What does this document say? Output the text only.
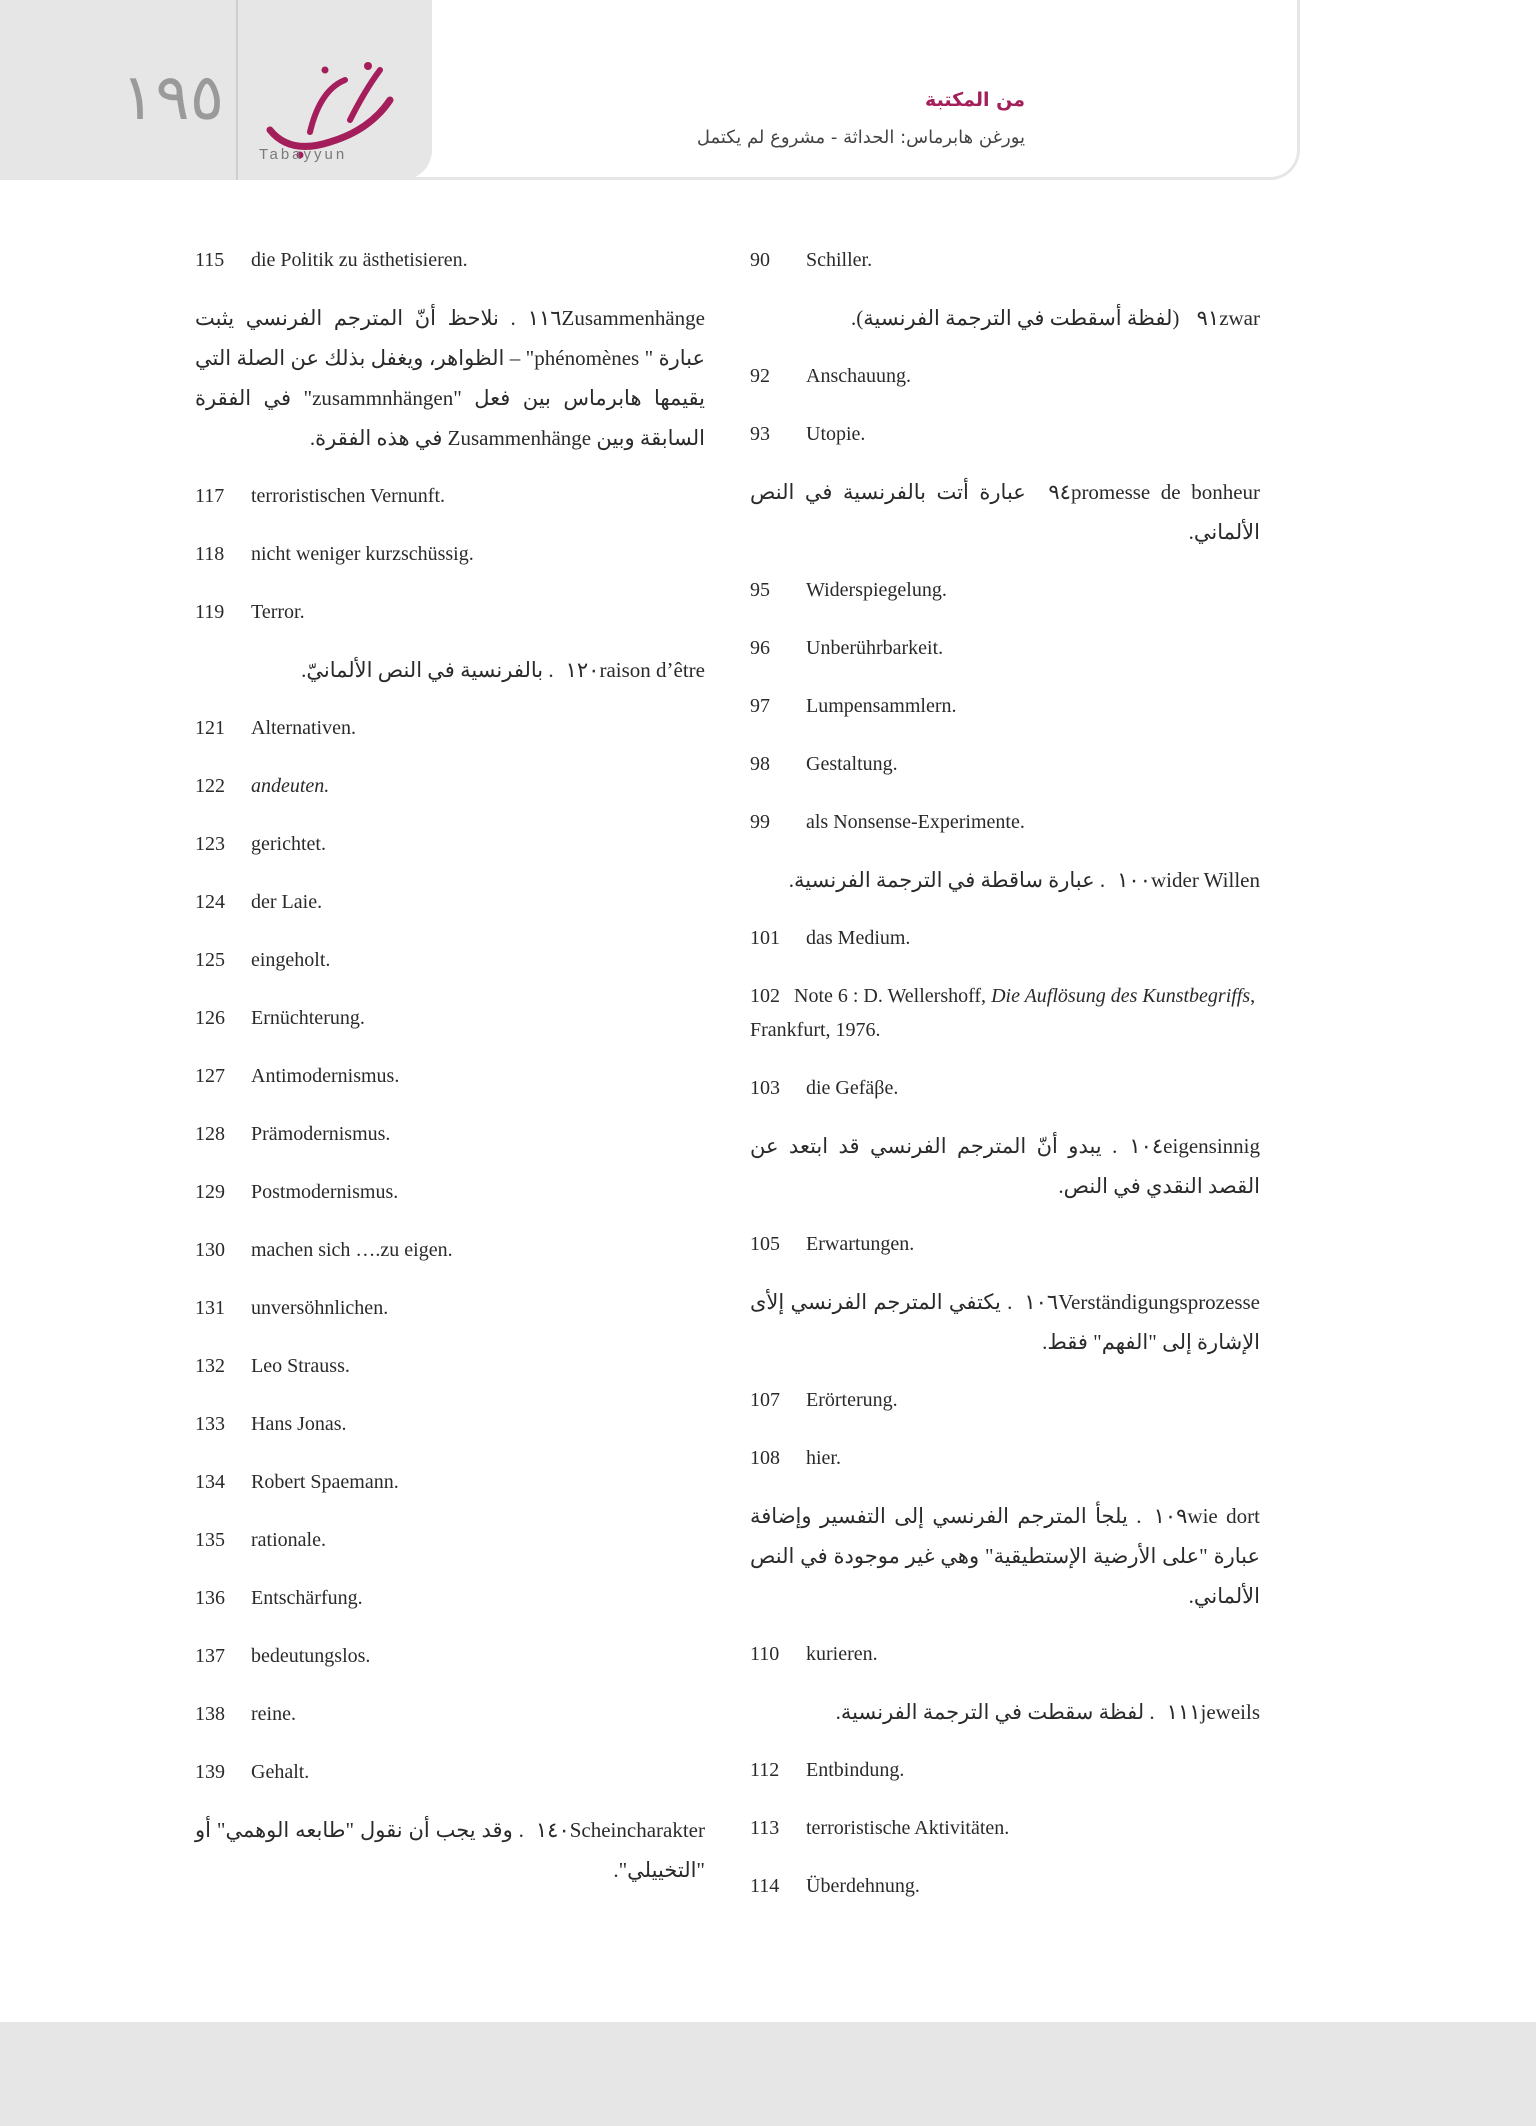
١٩٥
Tabayyun
من المكتبة
يورغن هابرماس: الحداثة - مشروع لم يكتمل

90	Schiller.

٩١zwar (لفظة أسقطت في الترجمة الفرنسية).

92	Anschauung.

93	Utopie.

٩٤promesse de bonheur عبارة أتت بالفرنسية في النص الألماني.

95	Widerspiegelung.

96	Unberührbarkeit.

97	Lumpensammlern.

98	Gestaltung.

99	als Nonsense-Experimente.

١٠٠wider Willen. عبارة ساقطة في الترجمة الفرنسية.

101	das Medium.

102 Note 6 : D. Wellershoff, Die Auflösung des Kunstbegriffs, Frankfurt, 1976.

103	die Gefäβe.

١٠٤eigensinnig. يبدو أنّ المترجم الفرنسي قد ابتعد عن القصد النقدي في النص.

105	Erwartungen.

١٠٦Verständigungsprozesse. يكتفي المترجم الفرنسي إلأى الإشارة إلى "الفهم" فقط.

107	Erörterung.

108	hier.

١٠٩wie dort. يلجأ المترجم الفرنسي إلى التفسير وإضافة عبارة "على الأرضية الإستطيقية" وهي غير موجودة في النص الألماني.

110	kurieren.

١١١jeweils. لفظة سقطت في الترجمة الفرنسية.

112	Entbindung.

113	terroristische Aktivitäten.

114	Überdehnung.

115	die Politik zu ästhetisieren.

١١٦Zusammenhänge. نلاحظ أنّ المترجم الفرنسي يثبت عبارة " phénomènes" – الظواهر، ويغفل بذلك عن الصلة التي يقيمها هابرماس بين فعل "zusammnhängen" في الفقرة السابقة وبين Zusammenhänge في هذه الفقرة.

117	terroristischen Vernunft.

118	nicht weniger kurzschüssig.

119	Terror.

١٢٠raison d’être. بالفرنسية في النص الألمانيّ.

121	Alternativen.

122	andeuten.

123	gerichtet.

124	der Laie.

125	eingeholt.

126	Ernüchterung.

127	Antimodernismus.

128	Prämodernismus.

129	Postmodernismus.

130	machen sich ….zu eigen.

131	unversöhnlichen.

132	Leo Strauss.

133	Hans Jonas.

134	Robert Spaemann.

135	rationale.

136	Entschärfung.

137	bedeutungslos.

138	reine.

139	Gehalt.

١٤٠Scheincharakter. وقد يجب أن نقول "طابعه الوهمي" أو "التخييلي".
